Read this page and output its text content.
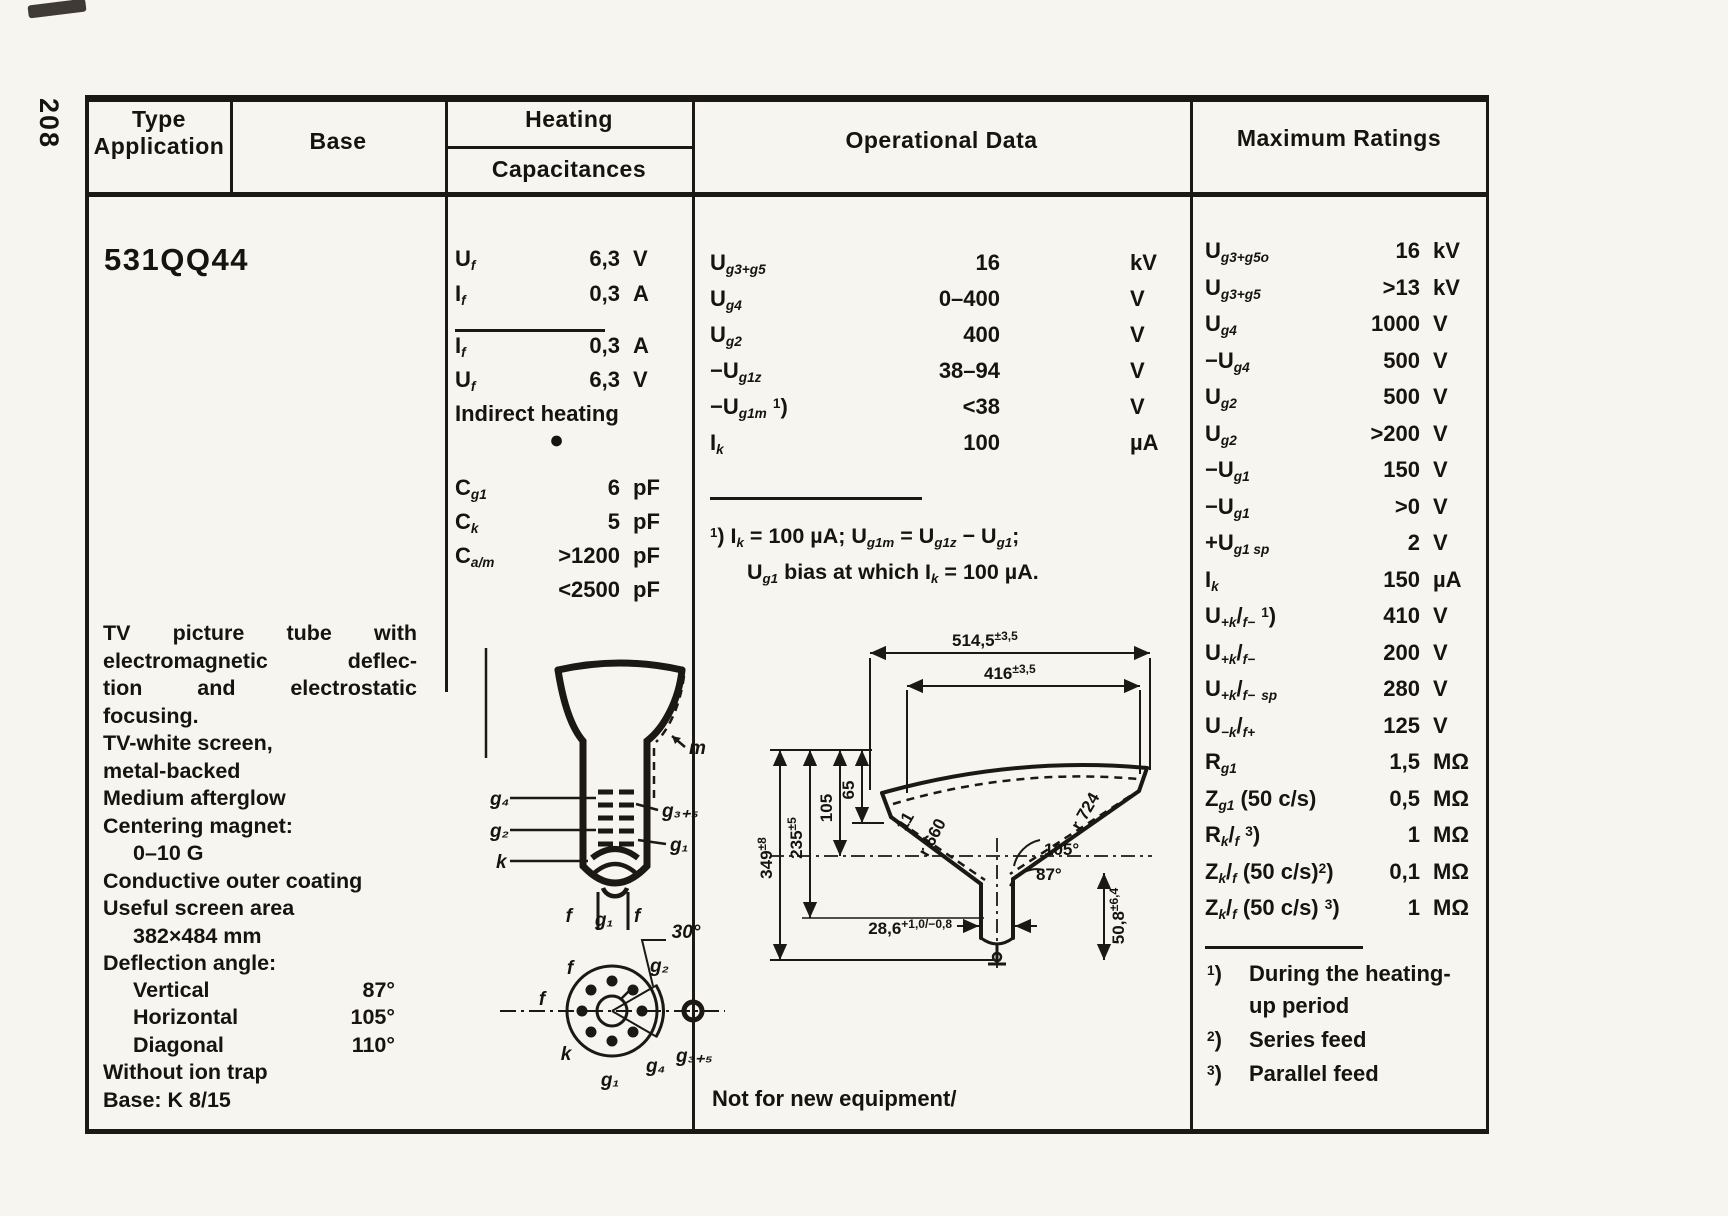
208	Type
Application	Base
Heating
Capacitances
Operational Data	Maximum Ratings
531QQ44
TV picture tube with
electromagnetic deflec-
tion and electrostatic
focusing.
TV-white screen,
metal-backed
Medium afterglow
Centering magnet:
0–10 G
Conductive outer coating
Useful screen area
382×484 mm
Deflection angle:
Vertical	87°
Horizontal	105°
Diagonal	110°
Without ion trap
Base: K 8/15
$U_f$	6,3 V
$I_f$	0,3 A
$I_f$	0,3 A
$U_f$	6,3 V
Indirect heating
●
$C_{g1}$	6 pF
$C_k$	5 pF
$C_{a/m}$	>1200 pF
<2500 pF
$U_{g3+g5}$	16	kV
$U_{g4}$	0–400	V
$U_{g2}$	400	V
$-U_{g1z}$	38–94	V
$-U_{g1m}$ $^1$)	<38	V
$I_k$	100	µA
$^1$) $I_k = 100$ µA; $U_{g1m} = U_{g1z} - U_{g1}$;
$U_{g1}$ bias at which $I_k = 100$ µA.
Not for new equipment/
$U_{g3+g5o}$	16 kV
$U_{g3+g5}$	>13 kV
$U_{g4}$	1000 V
$-U_{g4}$	500 V
$U_{g2}$	500 V
$U_{g2}$	>200 V
$-U_{g1}$	150 V
$-U_{g1}$	>0 V
$+U_{g1 sp}$	2 V
$I_k$	150 µA
$U_{+k}/_{f-}$ $^1$)	410 V
$U_{+k}/_{f-}$	200 V
$U_{+k}/_{f-}$ $_{sp}$	280 V
$U_{-k}/_{f+}$	125 V
$R_{g1}$	1,5 MΩ
$Z_{g1}$ (50 c/s)	0,5 MΩ
$R_k/_f$ $^3$)	1 MΩ
$Z_k/_f$ (50 c/s)$^2$)	0,1 MΩ
$Z_k/_f$ (50 c/s) $^3$)	1 MΩ
$^1$) During the heating-up period
$^2$) Series feed
$^3$) Parallel feed
g₄
g₂
k
m
g₃₊₅
g₁
f	f
30°
g₁
g₂
f
f
k
g₁
g₄ g₃₊₅
$514,5^{\pm 3,5}$
$416^{\pm 3,5}$
$349^{\pm 8}$	$235^{\pm 5}$
105
65
r 660
r 724
11
105°
87°
$28,6^{+1,0/-0,8}$	$50,8^{\pm 6,4}$
